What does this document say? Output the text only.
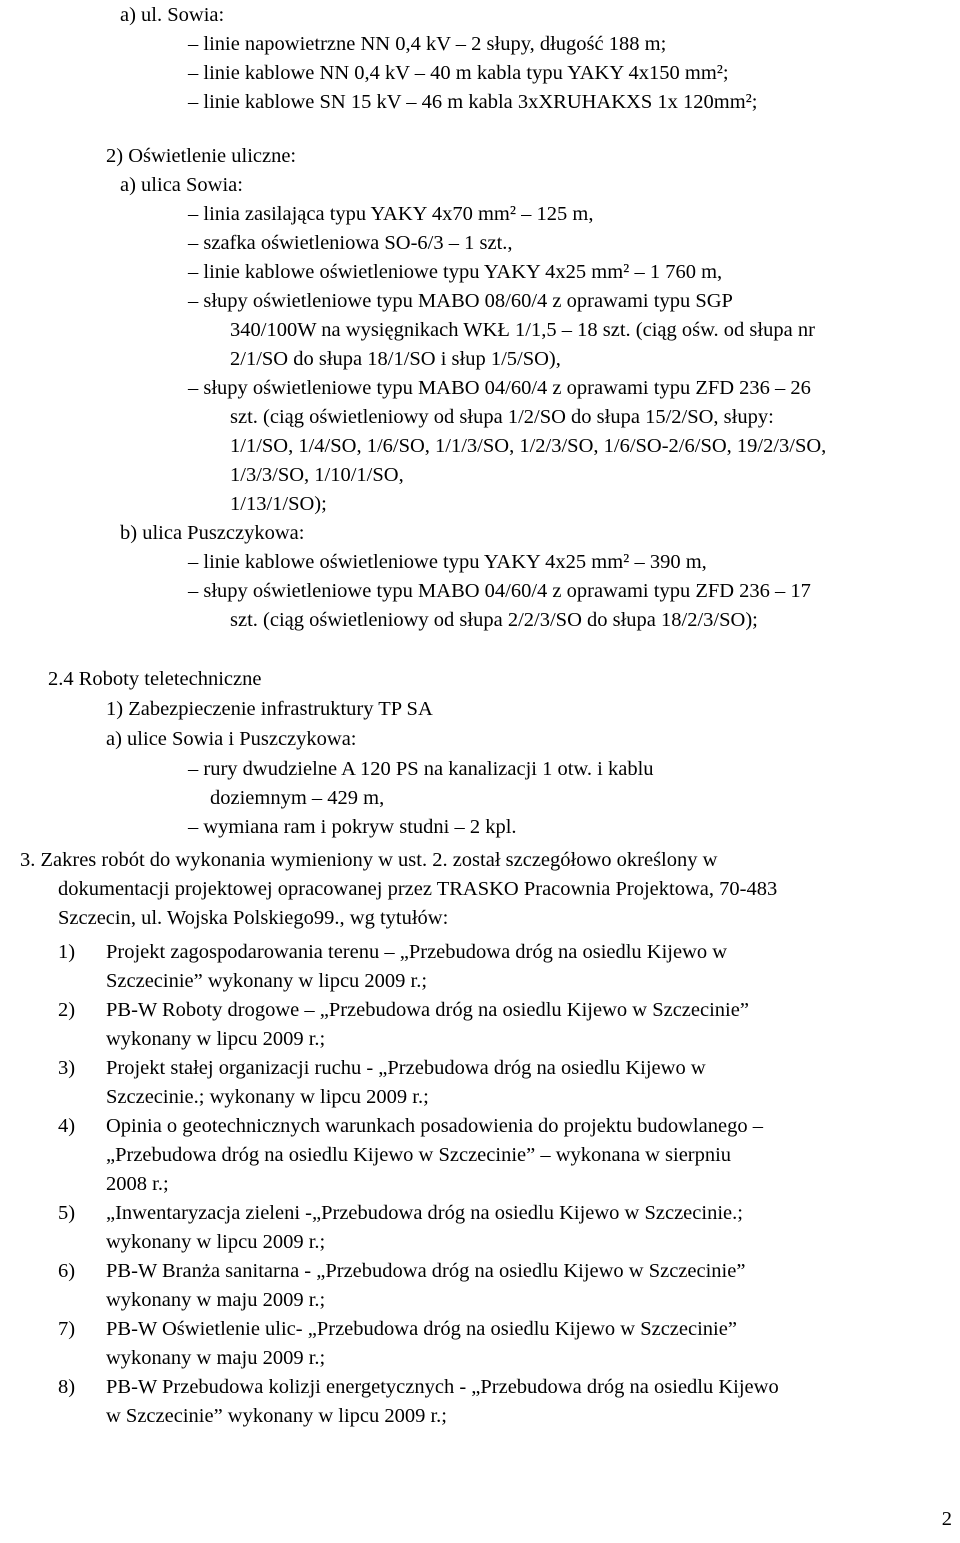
a) ul. Sowia:
– linie napowietrzne NN 0,4 kV – 2 słupy, długość 188 m;
– linie kablowe NN 0,4 kV – 40 m kabla typu YAKY 4x150 mm²;
– linie kablowe SN 15 kV – 46 m kabla 3xXRUHAKXS 1x 120mm²;
2) Oświetlenie uliczne:
a) ulica Sowia:
– linia zasilająca typu YAKY 4x70 mm² – 125 m,
– szafka oświetleniowa SO-6/3 – 1 szt.,
– linie kablowe oświetleniowe typu YAKY 4x25 mm² – 1 760 m,
– słupy oświetleniowe typu MABO 08/60/4 z oprawami typu SGP
340/100W na wysięgnikach WKŁ 1/1,5 – 18 szt. (ciąg ośw. od słupa nr
2/1/SO do słupa 18/1/SO i słup 1/5/SO),
– słupy oświetleniowe typu MABO 04/60/4 z oprawami typu ZFD 236 – 26
szt. (ciąg oświetleniowy od słupa 1/2/SO do słupa 15/2/SO, słupy:
1/1/SO, 1/4/SO, 1/6/SO, 1/1/3/SO, 1/2/3/SO, 1/6/SO-2/6/SO, 19/2/3/SO,
1/3/3/SO, 1/10/1/SO,
1/13/1/SO);
b) ulica Puszczykowa:
– linie kablowe oświetleniowe typu YAKY 4x25 mm² – 390 m,
– słupy oświetleniowe typu MABO 04/60/4 z oprawami typu ZFD 236 – 17
szt. (ciąg oświetleniowy od słupa 2/2/3/SO do słupa 18/2/3/SO);
2.4 Roboty teletechniczne
1) Zabezpieczenie infrastruktury TP SA
a) ulice Sowia i Puszczykowa:
– rury dwudzielne A 120 PS na kanalizacji 1 otw. i kablu
doziemnym – 429 m,
– wymiana ram i pokryw studni – 2 kpl.
3. Zakres robót do wykonania wymieniony w ust. 2. został szczegółowo określony w
dokumentacji projektowej opracowanej przez TRASKO Pracownia Projektowa, 70-483
Szczecin, ul. Wojska Polskiego99., wg tytułów:
1) Projekt zagospodarowania terenu – „Przebudowa dróg na osiedlu Kijewo w
Szczecinie” wykonany w lipcu 2009 r.;
2) PB-W Roboty drogowe – „Przebudowa dróg na osiedlu Kijewo w Szczecinie”
wykonany w lipcu 2009 r.;
3) Projekt stałej organizacji ruchu - „Przebudowa dróg na osiedlu Kijewo w
Szczecinie.; wykonany w lipcu 2009 r.;
4) Opinia o geotechnicznych warunkach posadowienia do projektu budowlanego –
„Przebudowa dróg na osiedlu Kijewo w Szczecinie” – wykonana w sierpniu
2008 r.;
5) „Inwentaryzacja zieleni -„Przebudowa dróg na osiedlu Kijewo w Szczecinie.;
wykonany w lipcu 2009 r.;
6) PB-W Branża sanitarna - „Przebudowa dróg na osiedlu Kijewo w Szczecinie”
wykonany w maju 2009 r.;
7) PB-W Oświetlenie ulic- „Przebudowa dróg na osiedlu Kijewo w Szczecinie”
wykonany w maju 2009 r.;
8) PB-W Przebudowa kolizji energetycznych - „Przebudowa dróg na osiedlu Kijewo
w Szczecinie” wykonany w lipcu 2009 r.;
2
